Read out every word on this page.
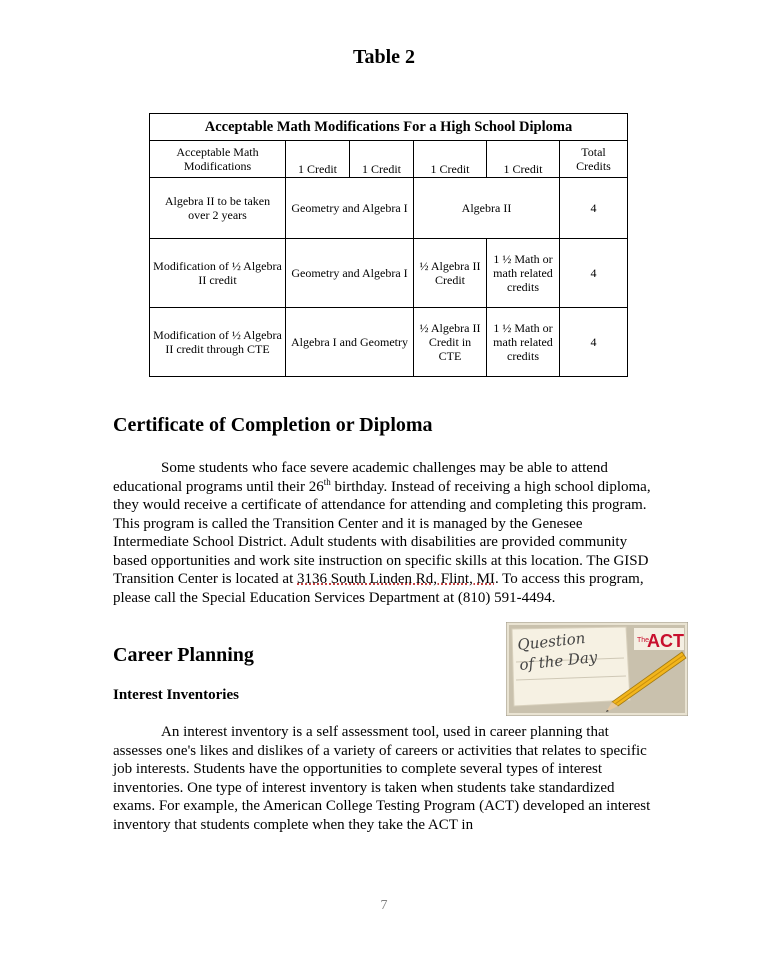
Table 2
Acceptable Math Modifications For a High School Diploma					
Acceptable Math Modifications	1 Credit	1 Credit	1 Credit	1 Credit	Total Credits
Algebra II to be taken over 2 years	Geometry and Algebra I		Algebra II		4
Modification of ½ Algebra II credit	Geometry and Algebra I		½ Algebra II Credit	1 ½ Math or math related credits	4
Modification of ½ Algebra II credit through CTE	Algebra I and Geometry		½ Algebra II Credit in CTE	1 ½ Math or math related credits	4
Certificate of Completion or Diploma

Some students who face severe academic challenges may be able to attend educational programs until their 26th birthday. Instead of receiving a high school diploma, they would receive a certificate of attendance for attending and completing this program. This program is called the Transition Center and it is managed by the Genesee Intermediate School District. Adult students with disabilities are provided community based opportunities and work site instruction on specific skills at this location. The GISD Transition Center is located at 3136 South Linden Rd, Flint, MI. To access this program, please call the Special Education Services Department at (810) 591-4494.

Career Planning
Interest Inventories

An interest inventory is a self assessment tool, used in career planning that assesses one's likes and dislikes of a variety of careers or activities that relates to specific job interests. Students have the opportunities to complete several types of interest inventories. One type of interest inventory is taken when students take standardized exams. For example, the American College Testing Program (ACT) developed an interest inventory that students complete when they take the ACT in

Question
of the Day
The
ACT
7
